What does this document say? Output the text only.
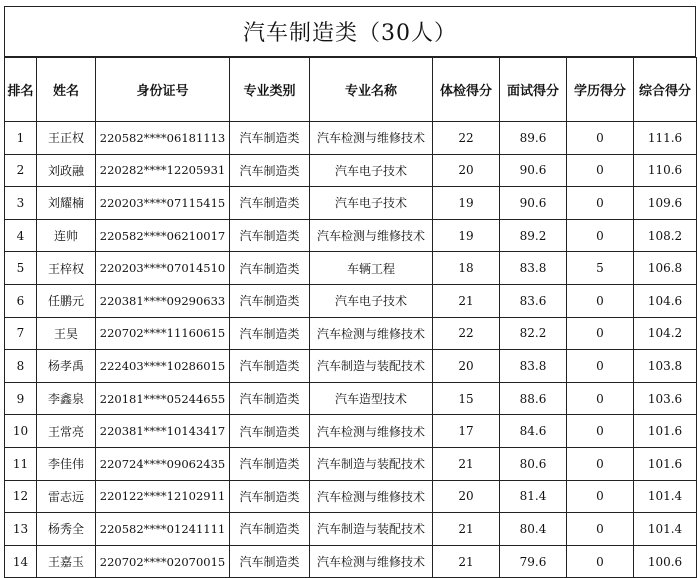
汽车制造类（30人）
排名	姓名	身份证号	专业类别	专业名称	体检得分	面试得分	学历得分	综合得分
1	王正权	220582****06181113	汽车制造类	汽车检测与维修技术	22	89.6	0	111.6
2	刘政融	220282****12205931	汽车制造类	汽车电子技术	20	90.6	0	110.6
3	刘耀楠	220203****07115415	汽车制造类	汽车电子技术	19	90.6	0	109.6
4	连帅	220582****06210017	汽车制造类	汽车检测与维修技术	19	89.2	0	108.2
5	王梓权	220203****07014510	汽车制造类	车辆工程	18	83.8	5	106.8
6	任鹏元	220381****09290633	汽车制造类	汽车电子技术	21	83.6	0	104.6
7	王昊	220702****11160615	汽车制造类	汽车检测与维修技术	22	82.2	0	104.2
8	杨孝禹	222403****10286015	汽车制造类	汽车制造与装配技术	20	83.8	0	103.8
9	李鑫泉	220181****05244655	汽车制造类	汽车造型技术	15	88.6	0	103.6
10	王常亮	220381****10143417	汽车制造类	汽车检测与维修技术	17	84.6	0	101.6
11	李佳伟	220724****09062435	汽车制造类	汽车制造与装配技术	21	80.6	0	101.6
12	雷志远	220122****12102911	汽车制造类	汽车检测与维修技术	20	81.4	0	101.4
13	杨秀全	220582****01241111	汽车制造类	汽车制造与装配技术	21	80.4	0	101.4
14	王嘉玉	220702****02070015	汽车制造类	汽车检测与维修技术	21	79.6	0	100.6
